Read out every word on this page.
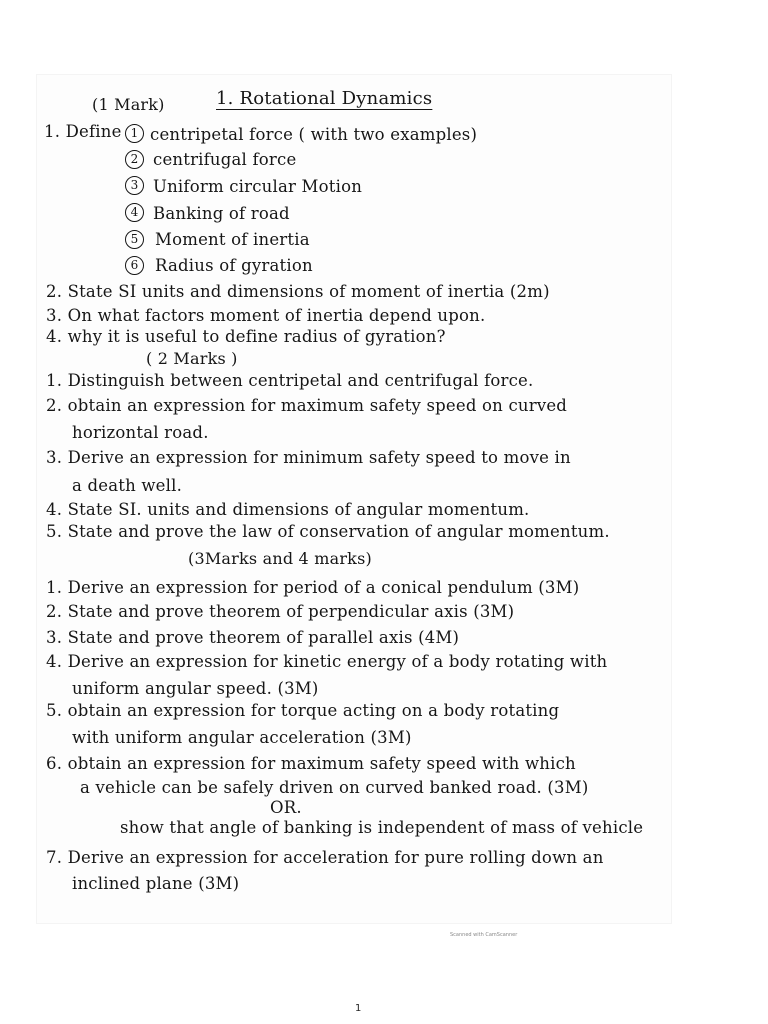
(1 Mark)	1. Rotational Dynamics

1. Define 1 centripetal force ( with two examples)

2 centrifugal force

3 Uniform circular Motion

4 Banking of road

5	Moment of inertia

6	Radius of gyration

2. State SI units and dimensions of moment of inertia (2m)

3. On what factors moment of inertia depend upon.

4. why it is useful to define radius of gyration?

( 2 Marks )

1. Distinguish between centripetal and centrifugal force.

2. obtain an expression for maximum safety speed on curved

horizontal road.

3. Derive an expression for minimum safety speed to move in

a death well.

4. State SI. units and dimensions of angular momentum.

5. State and prove the law of conservation of angular momentum.

(3Marks and 4 marks)

1. Derive an expression for period of a conical pendulum (3M)

2. State and prove theorem of perpendicular axis (3M)

3. State and prove theorem of parallel axis (4M)

4. Derive an expression for kinetic energy of a body rotating with

uniform angular speed. (3M)

5. obtain an expression for torque acting on a body rotating

with uniform angular acceleration (3M)

6. obtain an expression for maximum safety speed with which

a vehicle can be safely driven on curved banked road. (3M)

OR.

show that angle of banking is independent of mass of vehicle

7. Derive an expression for acceleration for pure rolling down an

inclined plane (3M)

Scanned with CamScanner
1
